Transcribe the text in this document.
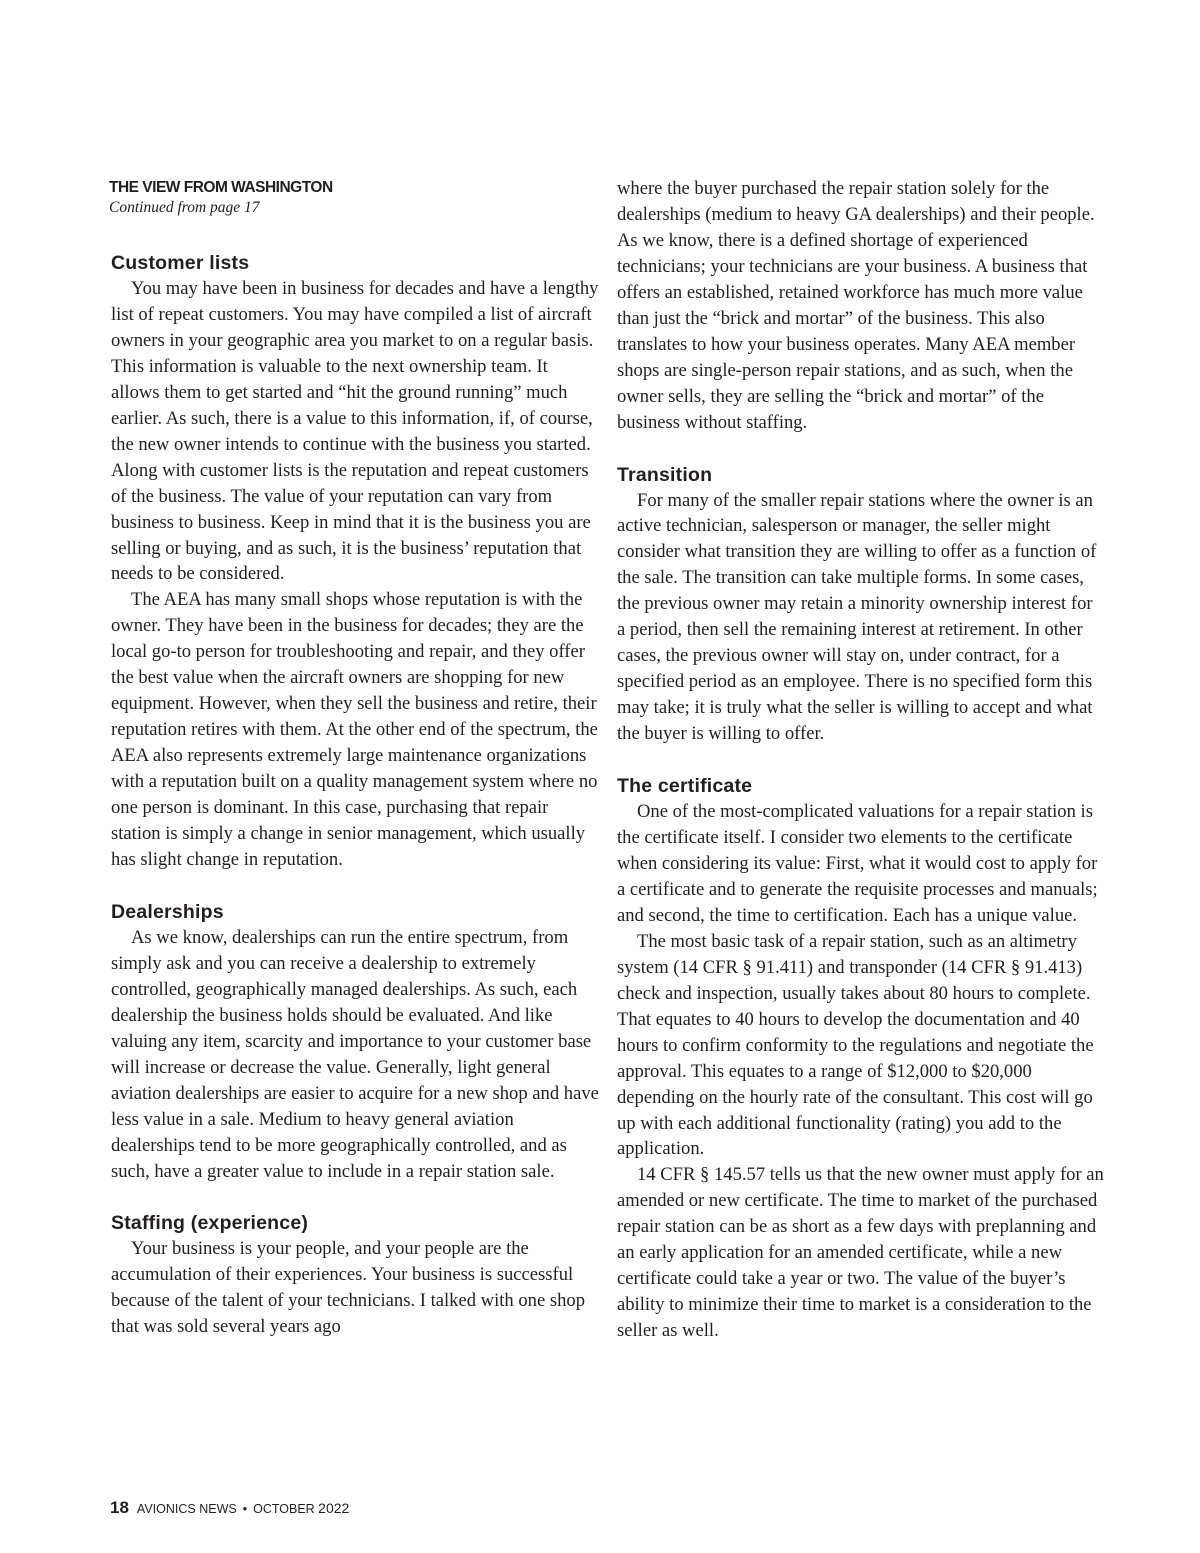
THE VIEW FROM WASHINGTON
Continued from page 17
Customer lists

You may have been in business for decades and have a lengthy list of repeat customers. You may have compiled a list of aircraft owners in your geographic area you market to on a regular basis. This information is valuable to the next ownership team. It allows them to get started and “hit the ground running” much earlier. As such, there is a value to this information, if, of course, the new owner intends to continue with the business you started. Along with customer lists is the reputation and repeat customers of the business. The value of your reputation can vary from business to business. Keep in mind that it is the business you are selling or buying, and as such, it is the business’ reputation that needs to be considered.

The AEA has many small shops whose reputation is with the owner. They have been in the business for decades; they are the local go-to person for troubleshooting and repair, and they offer the best value when the aircraft owners are shopping for new equipment. However, when they sell the business and retire, their reputation retires with them. At the other end of the spectrum, the AEA also represents extremely large maintenance organizations with a reputation built on a quality management system where no one person is dominant. In this case, purchasing that repair station is simply a change in senior management, which usually has slight change in reputation.

Dealerships

As we know, dealerships can run the entire spectrum, from simply ask and you can receive a dealership to extremely controlled, geographically managed dealerships. As such, each dealership the business holds should be evaluated. And like valuing any item, scarcity and importance to your customer base will increase or decrease the value. Generally, light general aviation dealerships are easier to acquire for a new shop and have less value in a sale. Medium to heavy general aviation dealerships tend to be more geographically controlled, and as such, have a greater value to include in a repair station sale.

Staffing (experience)

Your business is your people, and your people are the accumulation of their experiences. Your business is successful because of the talent of your technicians. I talked with one shop that was sold several years ago

where the buyer purchased the repair station solely for the dealerships (medium to heavy GA dealerships) and their people. As we know, there is a defined shortage of experienced technicians; your technicians are your business. A business that offers an established, retained workforce has much more value than just the “brick and mortar” of the business. This also translates to how your business operates. Many AEA member shops are single-person repair stations, and as such, when the owner sells, they are selling the “brick and mortar” of the business without staffing.

Transition

For many of the smaller repair stations where the owner is an active technician, salesperson or manager, the seller might consider what transition they are willing to offer as a function of the sale. The transition can take multiple forms. In some cases, the previous owner may retain a minority ownership interest for a period, then sell the remaining interest at retirement. In other cases, the previous owner will stay on, under contract, for a specified period as an employee. There is no specified form this may take; it is truly what the seller is willing to accept and what the buyer is willing to offer.

The certificate

One of the most-complicated valuations for a repair station is the certificate itself. I consider two elements to the certificate when considering its value: First, what it would cost to apply for a certificate and to generate the requisite processes and manuals; and second, the time to certification. Each has a unique value.

The most basic task of a repair station, such as an altimetry system (14 CFR § 91.411) and transponder (14 CFR § 91.413) check and inspection, usually takes about 80 hours to complete. That equates to 40 hours to develop the documentation and 40 hours to confirm conformity to the regulations and negotiate the approval. This equates to a range of $12,000 to $20,000 depending on the hourly rate of the consultant. This cost will go up with each additional functionality (rating) you add to the application.

14 CFR § 145.57 tells us that the new owner must apply for an amended or new certificate. The time to market of the purchased repair station can be as short as a few days with preplanning and an early application for an amended certificate, while a new certificate could take a year or two. The value of the buyer’s ability to minimize their time to market is a consideration to the seller as well.

18 AVIONICS NEWS • OCTOBER 2022
